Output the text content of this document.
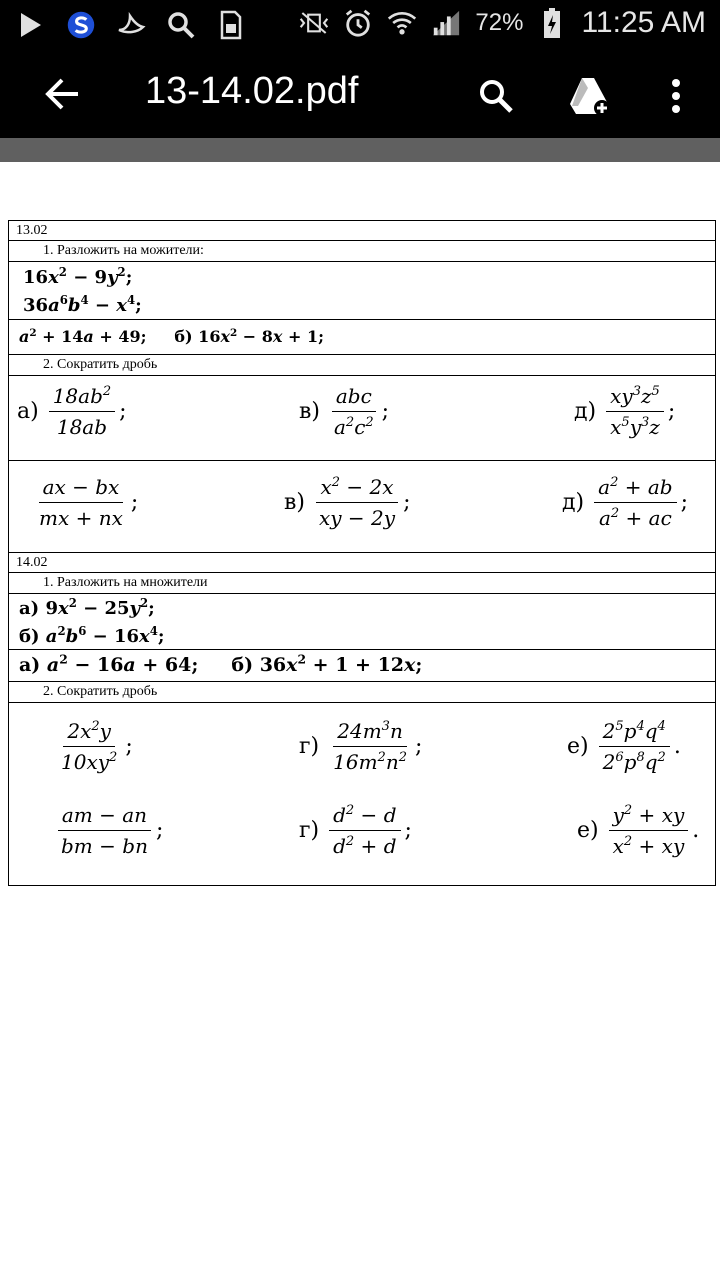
72% 11:25 AM
13-14.02.pdf
13.02
1. Разложить на можители:
$16x^2 - 9y^2$;
$36a^6b^4 - x^4$;
$a^2 + 14a + 49$;     б) $16x^2 - 8x + 1$;
2. Сократить дробь
$а) \frac{18ab^2}{18ab}$ ;	$в) \frac{\text{abc}}{a^2c^2}$ ;	$д) \frac{xy^3z^5}{x^5y^3z}$ ;
$\frac{ax - bx}{mx + nx}$ ;	$в) \frac{x^2 - 2x}{xy - 2y}$ ;	$д) \frac{a^2 + ab}{a^2 + ac}$ ;
14.02
1. Разложить на множители
а) $9x^2 - 25y^2$;
б) $a^2b^6 - 16x^4$;
а) $a^2 - 16a + 64$;     б) $36x^2 + 1 + 12x$;
2. Сократить дробь
$\frac{2x^2y}{10xy^2}$ ;	$г) \frac{24m^3n}{16m^2n^2}$ ;	$е) \frac{2^5p^4q^4}{2^6p^8q^2}$ .
$\frac{am - an}{bm - bn}$ ;	$г) \frac{d^2 - d}{d^2 + d}$ ;	$е) \frac{y^2 + xy}{x^2 + xy}$ .
